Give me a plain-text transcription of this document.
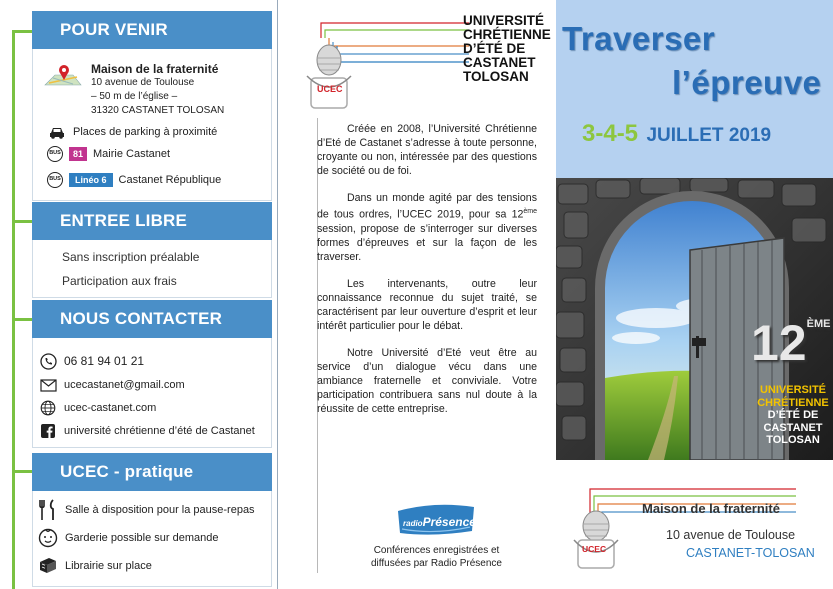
POUR VENIR
Maison de la fraternité
10 avenue de Toulouse
– 50 m de l’église –
31320 CASTANET TOLOSAN
Places de parking à proximité
BUS	81 Mairie Castanet
BUS	Linéo 6	Castanet République
ENTREE LIBRE
Sans inscription préalable
Participation aux frais
NOUS CONTACTER
06 81 94 01 21
ucecastanet@gmail.com
ucec-castanet.com
université chrétienne d’été de Castanet
UCEC - pratique
Salle à disposition pour la pause-repas
Garderie possible sur demande
Librairie sur place
UCEC
UNIVERSITÉ
CHRÉTIENNE
D’ÉTÉ DE
CASTANET
TOLOSAN

Créée en 2008, l’Université Chrétienne d’Eté de Castanet s’adresse à toute personne, croyante ou non, intéressée par des questions de société ou de foi.

Dans un monde agité par des tensions de tous ordres, l’UCEC 2019, pour sa 12ème session, propose de s’interroger sur diverses formes d’épreuves et sur la façon de les traverser.

Les intervenants, outre leur connaissance reconnue du sujet traité, se caractérisent par leur ouverture d’esprit et leur intérêt particulier pour le débat.

Notre Université d’Eté veut être au service d’un dialogue vécu dans une ambiance fraternelle et conviviale. Votre participation contribuera sans nul doute à la réussite de cette entreprise.

radioPrésence
Conférences enregistrées et
diffusées par Radio Présence
Traverser
l’épreuve
3-4-5 JUILLET 2019
12ÈME
UNIVERSITÉ
CHRÉTIENNE
D’ÉTÉ DE
CASTANET
TOLOSAN
UCEC
Maison de la fraternité
10 avenue de Toulouse
CASTANET-TOLOSAN
